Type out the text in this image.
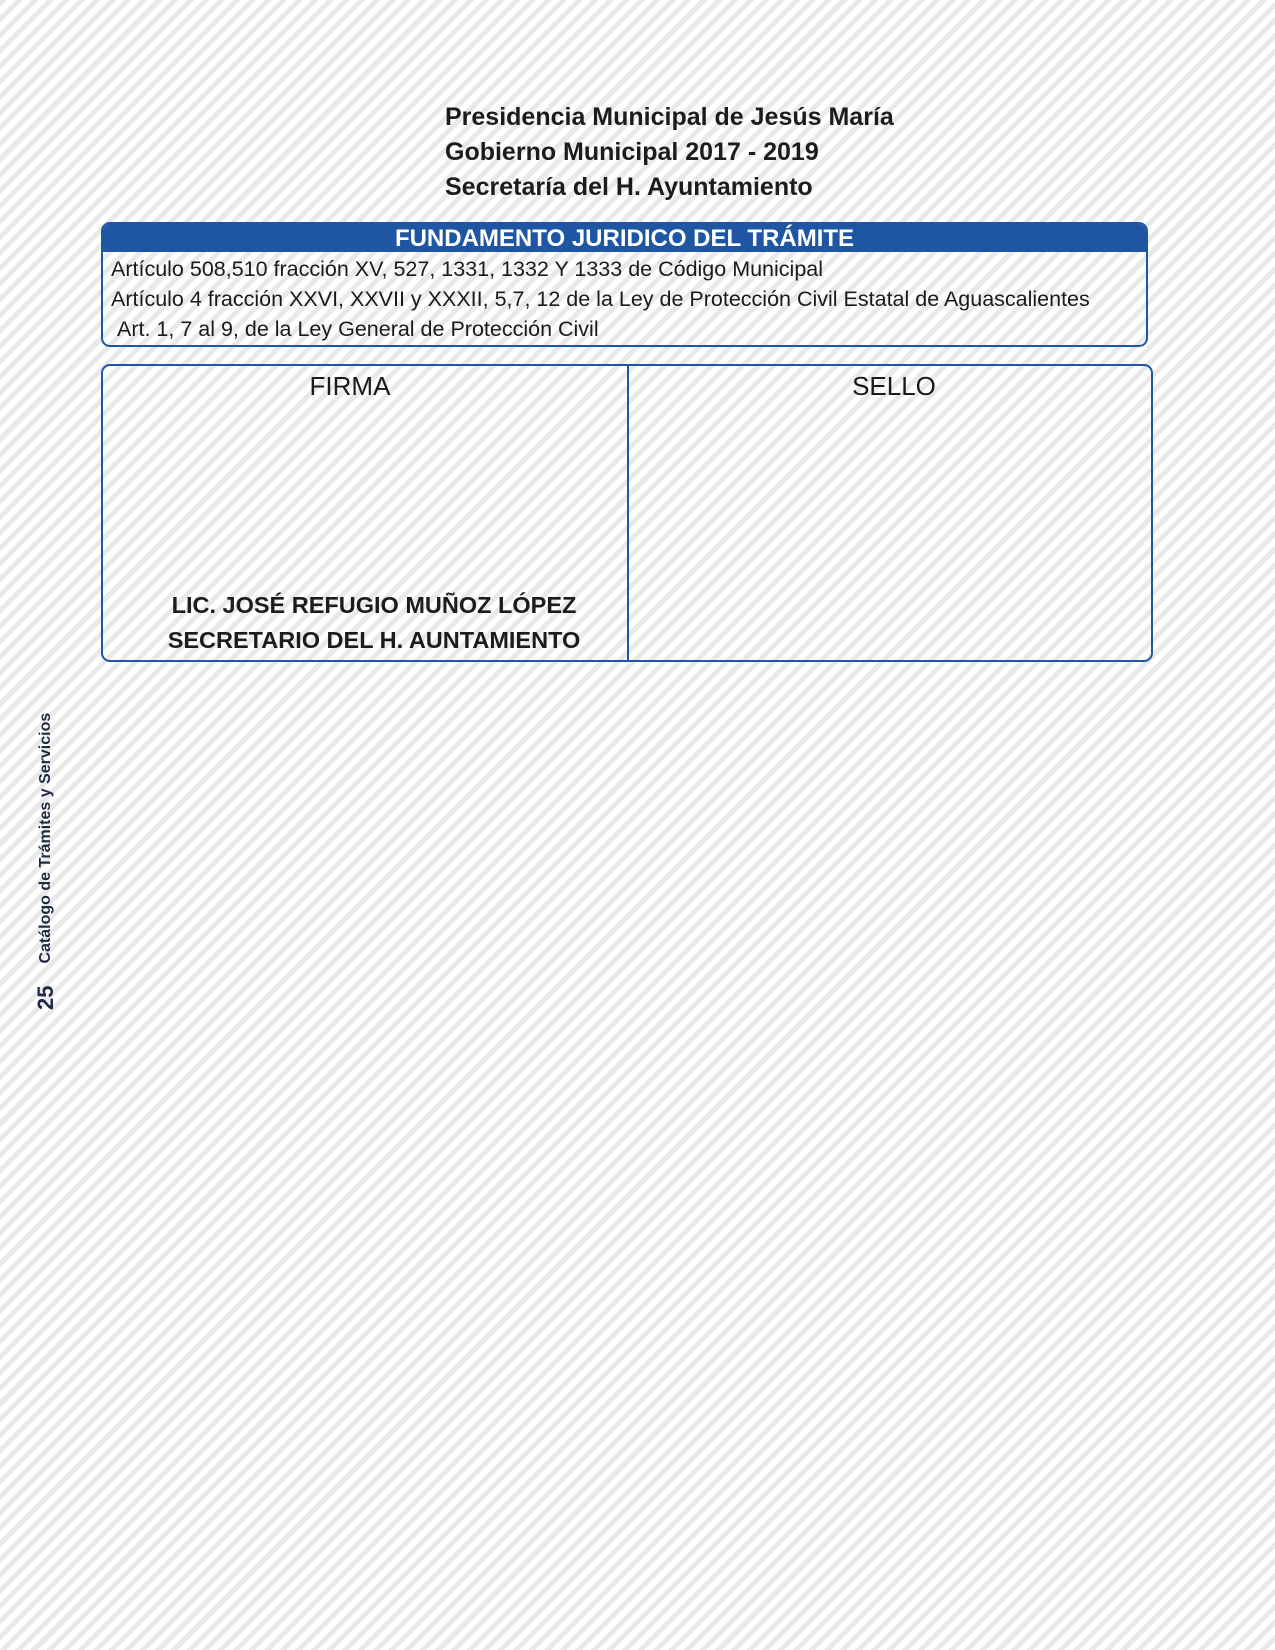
Presidencia Municipal de Jesús María
Gobierno Municipal 2017 - 2019
Secretaría del H. Ayuntamiento
FUNDAMENTO JURIDICO DEL TRÁMITE
Artículo 508,510 fracción XV, 527, 1331, 1332 Y 1333 de Código Municipal
Artículo 4 fracción XXVI, XXVII y XXXII, 5,7, 12 de la Ley de Protección Civil Estatal de Aguascalientes
Art. 1, 7 al 9, de la Ley General de Protección Civil
FIRMA
LIC. JOSÉ REFUGIO MUÑOZ LÓPEZ
SECRETARIO DEL H. AUNTAMIENTO
SELLO
25Catálogo de Trámites y Servicios
